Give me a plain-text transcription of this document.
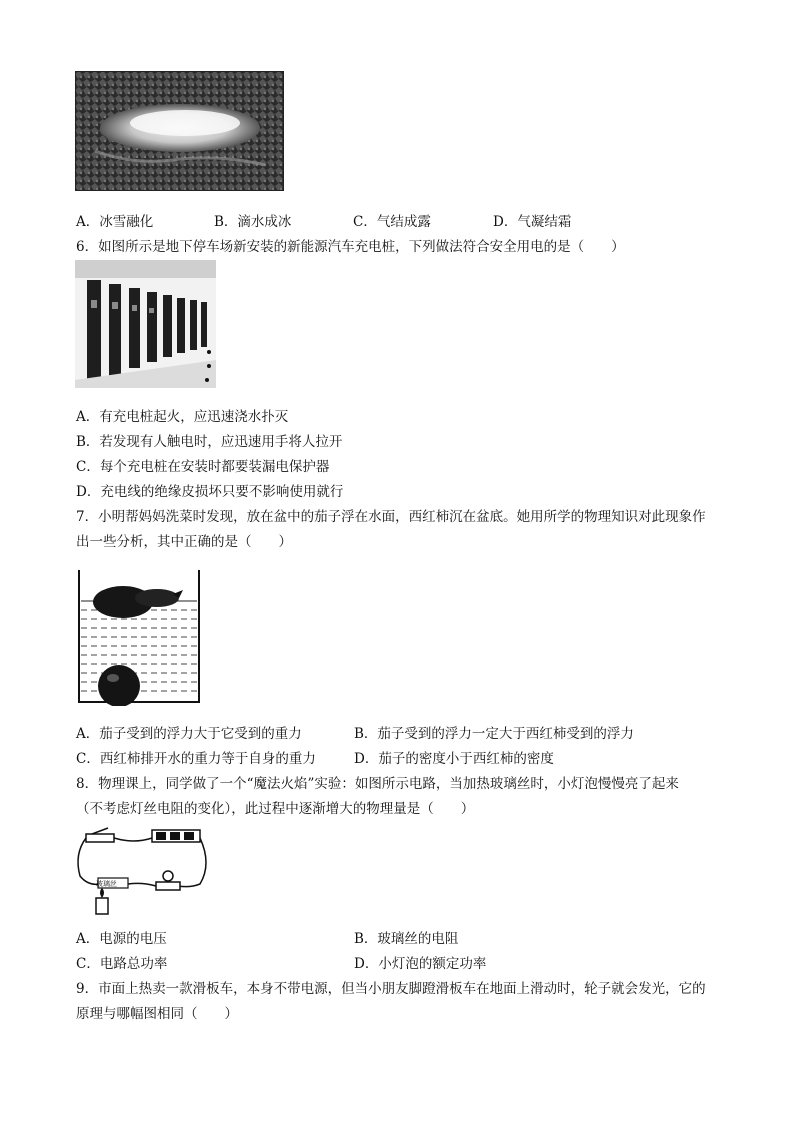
A．冰雪融化	B．滴水成冰	C．气结成露	D．气凝结霜
6．如图所示是地下停车场新安装的新能源汽车充电桩，下列做法符合安全用电的是（　　）
A．有充电桩起火，应迅速浇水扑灭
B．若发现有人触电时，应迅速用手将人拉开
C．每个充电桩在安装时都要装漏电保护器
D．充电线的绝缘皮损坏只要不影响使用就行
7．小明帮妈妈洗菜时发现，放在盆中的茄子浮在水面，西红柿沉在盆底。她用所学的物理知识对此现象作
出一些分析，其中正确的是（　　）
A．茄子受到的浮力大于它受到的重力	B．茄子受到的浮力一定大于西红柿受到的浮力
C．西红柿排开水的重力等于自身的重力	D．茄子的密度小于西红柿的密度
8．物理课上，同学做了一个“魔法火焰”实验：如图所示电路，当加热玻璃丝时，小灯泡慢慢亮了起来
（不考虑灯丝电阻的变化），此过程中逐渐增大的物理量是（　　）
玻璃丝
A．电源的电压	B．玻璃丝的电阻
C．电路总功率	D．小灯泡的额定功率
9．市面上热卖一款滑板车，本身不带电源，但当小朋友脚蹬滑板车在地面上滑动时，轮子就会发光，它的
原理与哪幅图相同（　　）
